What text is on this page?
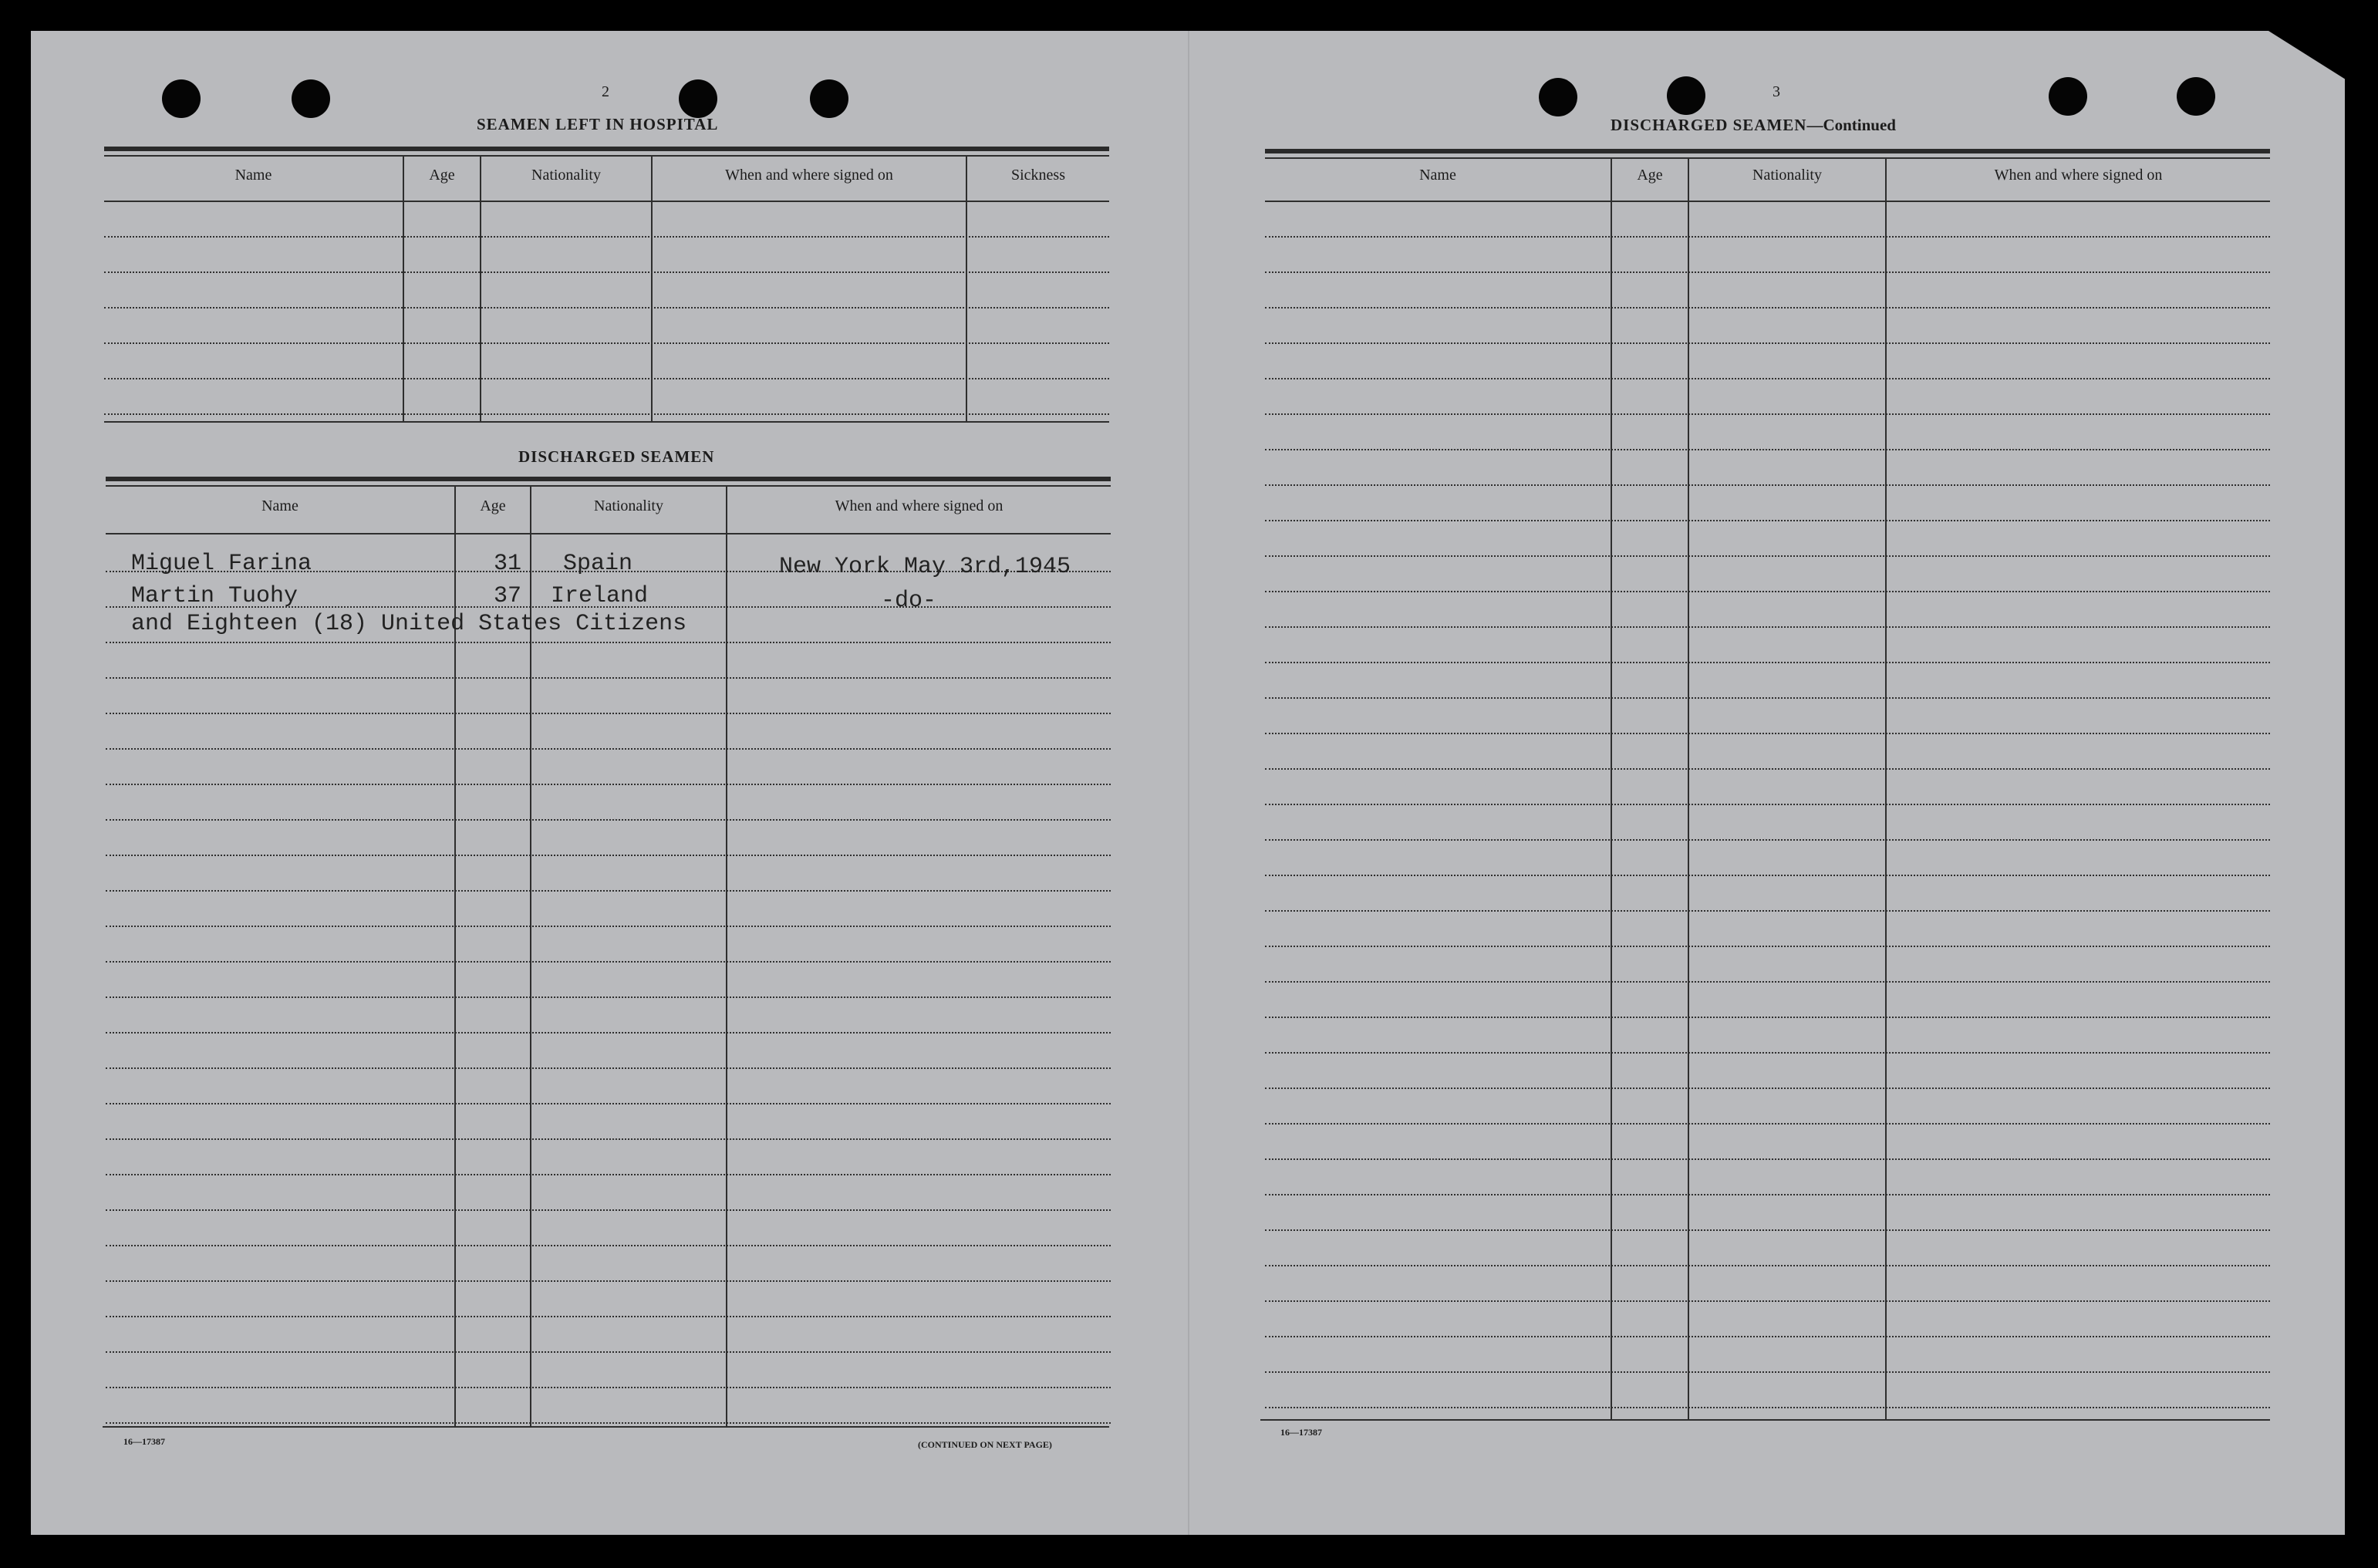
2
SEAMEN LEFT IN HOSPITAL
Name	Age	Nationality	When and where signed on	Sickness
DISCHARGED SEAMEN
Name	Age	Nationality	When and where signed on
Miguel Farina	31 Spain	New York May 3rd,1945
Martin Tuohy	37 Ireland	-do-
and Eighteen (18) United States Citizens
16—17387	(CONTINUED ON NEXT PAGE)
3
DISCHARGED SEAMEN—Continued
Name	Age	Nationality	When and where signed on
16—17387
